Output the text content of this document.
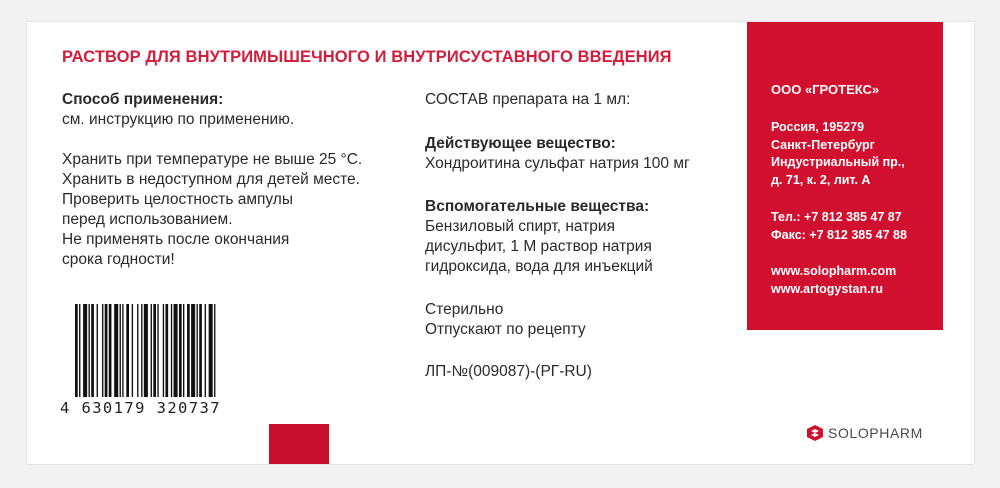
РАСТВОР ДЛЯ ВНУТРИМЫШЕЧНОГО И ВНУТРИСУСТАВНОГО ВВЕДЕНИЯ
Способ применения:
см. инструкцию по применению.
Хранить при температуре не выше 25 °С.
Хранить в недоступном для детей месте.
Проверить целостность ампулы
перед использованием.
Не применять после окончания
срока годности!
СОСТАВ препарата на 1 мл:
Действующее вещество:
Хондроитина сульфат натрия 100 мг
Вспомогательные вещества:
Бензиловый спирт, натрия
дисульфит, 1 М раствор натрия
гидроксида, вода для инъекций
Стерильно
Отпускают по рецепту
ЛП-№(009087)-(РГ-RU)
ООО «ГРОТЕКС»
Россия, 195279
Санкт-Петербург
Индустриальный пр.,
д. 71, к. 2, лит. А
Тел.: +7 812 385 47 87
Факс: +7 812 385 47 88
www.solopharm.com
www.artogystan.ru
4 630179 320737
SOLOPHARM
